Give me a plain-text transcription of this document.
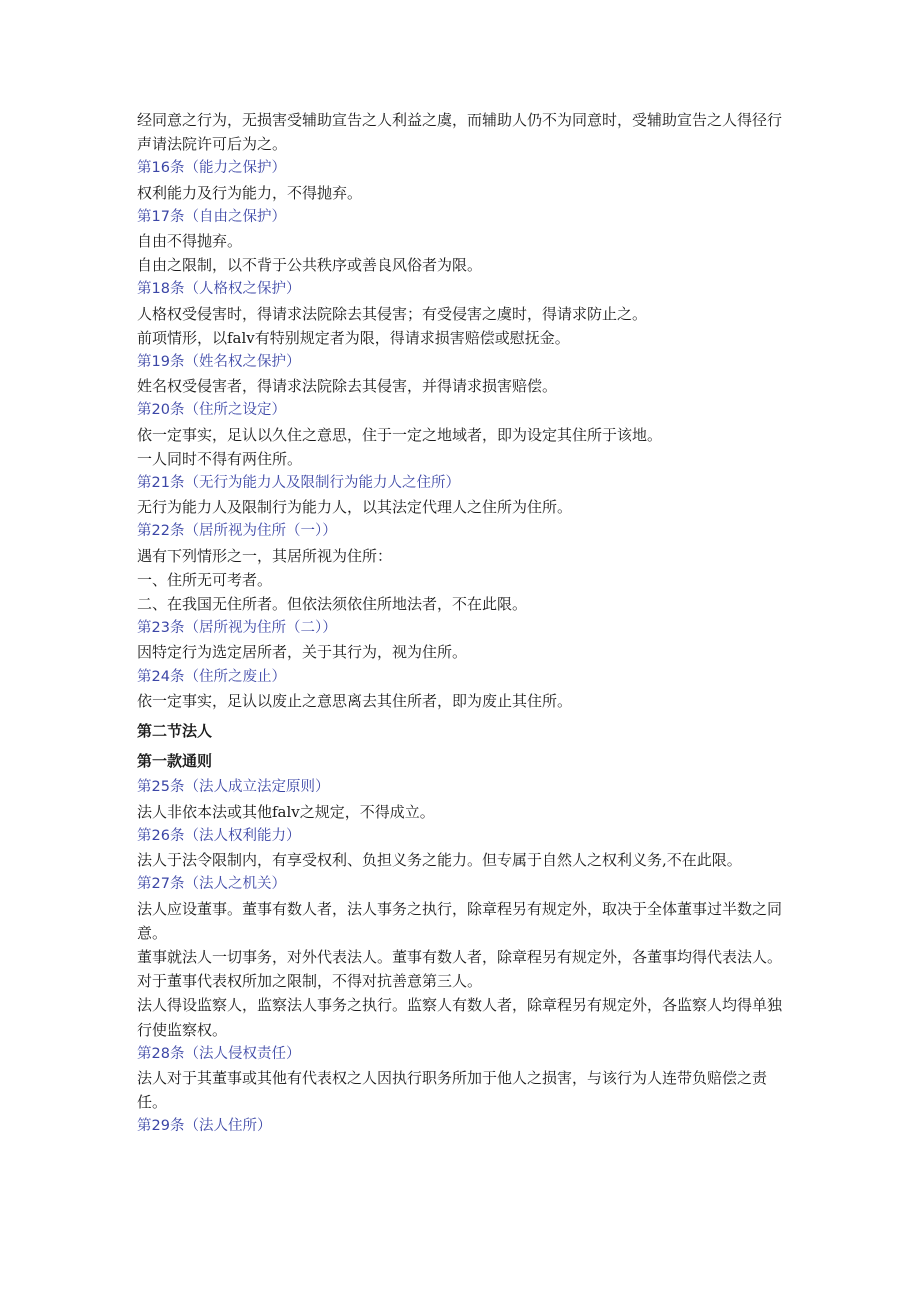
经同意之行为，无损害受辅助宣告之人利益之虞，而辅助人仍不为同意时，受辅助宣告之人得径行声请法院许可后为之。

第16条（能力之保护）

权利能力及行为能力，不得抛弃。

第17条（自由之保护）

自由不得抛弃。

自由之限制，以不背于公共秩序或善良风俗者为限。

第18条（人格权之保护）

人格权受侵害时，得请求法院除去其侵害；有受侵害之虞时，得请求防止之。

前项情形，以falv有特别规定者为限，得请求损害赔偿或慰抚金。

第19条（姓名权之保护）

姓名权受侵害者，得请求法院除去其侵害，并得请求损害赔偿。

第20条（住所之设定）

依一定事实，足认以久住之意思，住于一定之地域者，即为设定其住所于该地。

一人同时不得有两住所。

第21条（无行为能力人及限制行为能力人之住所）

无行为能力人及限制行为能力人，以其法定代理人之住所为住所。

第22条（居所视为住所（一））

遇有下列情形之一，其居所视为住所：

一、住所无可考者。

二、在我国无住所者。但依法须依住所地法者，不在此限。

第23条（居所视为住所（二））

因特定行为选定居所者，关于其行为，视为住所。

第24条（住所之废止）

依一定事实，足认以废止之意思离去其住所者，即为废止其住所。

第二节法人

第一款通则

第25条（法人成立法定原则）

法人非依本法或其他falv之规定，不得成立。

第26条（法人权利能力）

法人于法令限制内，有享受权利、负担义务之能力。但专属于自然人之权利义务,不在此限。

第27条（法人之机关）

法人应设董事。董事有数人者，法人事务之执行，除章程另有规定外，取决于全体董事过半数之同意。

董事就法人一切事务，对外代表法人。董事有数人者，除章程另有规定外，各董事均得代表法人。

对于董事代表权所加之限制，不得对抗善意第三人。

法人得设监察人，监察法人事务之执行。监察人有数人者，除章程另有规定外，各监察人均得单独行使监察权。

第28条（法人侵权责任）

法人对于其董事或其他有代表权之人因执行职务所加于他人之损害，与该行为人连带负赔偿之责任。

第29条（法人住所）
